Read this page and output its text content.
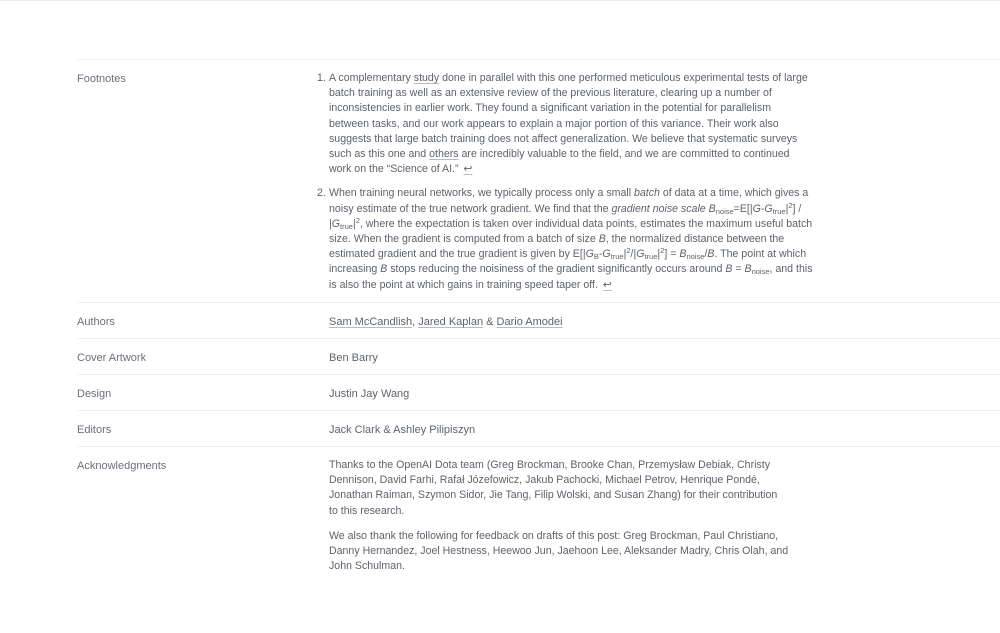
Footnotes	1. A complementary study done in parallel with this one performed meticulous experimental tests of large batch training as well as an extensive review of the previous literature, clearing up a number of inconsistencies in earlier work. They found a significant variation in the potential for parallelism between tasks, and our work appears to explain a major portion of this variance. Their work also suggests that large batch training does not affect generalization. We believe that systematic surveys such as this one and others are incredibly valuable to the field, and we are committed to continued work on the “Science of AI.” ↩
2. When training neural networks, we typically process only a small batch of data at a time, which gives a noisy estimate of the true network gradient. We find that the gradient noise scale $B_{noise}=E[|G-G_{true}|^2] / |G_{true}|^2$, where the expectation is taken over individual data points, estimates the maximum useful batch size. When the gradient is computed from a batch of size B, the normalized distance between the estimated gradient and the true gradient is given by $E[|G_B-G_{true}|^2/|G_{true}|^2] = B_{noise}/B$. The point at which increasing B stops reducing the noisiness of the gradient significantly occurs around $B = B_{noise}$, and this is also the point at which gains in training speed taper off. ↩
Authors	Sam McCandlish, Jared Kaplan & Dario Amodei
Cover Artwork	Ben Barry
Design	Justin Jay Wang
Editors	Jack Clark & Ashley Pilipiszyn
Acknowledgments	Thanks to the OpenAI Dota team (Greg Brockman, Brooke Chan, Przemysław Debiak, Christy Dennison, David Farhi, Rafał Józefowicz, Jakub Pachocki, Michael Petrov, Henrique Pondé, Jonathan Raiman, Szymon Sidor, Jie Tang, Filip Wolski, and Susan Zhang) for their contribution to this research.

We also thank the following for feedback on drafts of this post: Greg Brockman, Paul Christiano, Danny Hernandez, Joel Hestness, Heewoo Jun, Jaehoon Lee, Aleksander Madry, Chris Olah, and John Schulman.
